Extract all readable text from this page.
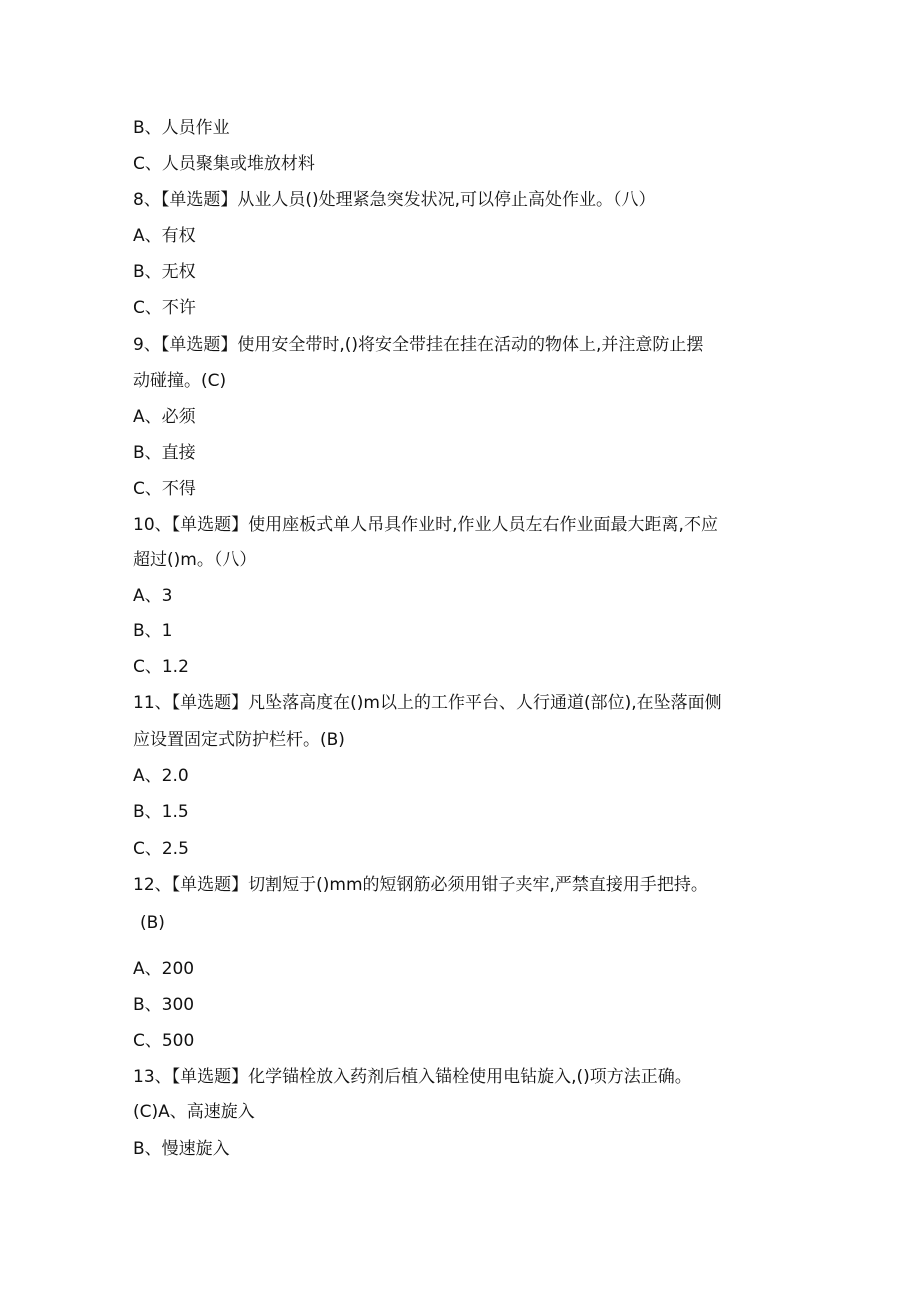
B、人员作业
C、人员聚集或堆放材料
8、【单选题】从业人员()处理紧急突发状况,可以停止高处作业。（八）
A、有权
B、无权
C、不许
9、【单选题】使用安全带时,()将安全带挂在挂在活动的物体上,并注意防止摆
动碰撞。(C)
A、必须
B、直接
C、不得
10、【单选题】使用座板式单人吊具作业时,作业人员左右作业面最大距离,不应
超过()m。（八）
A、3
B、1
C、1.2
11、【单选题】凡坠落高度在()m以上的工作平台、人行通道(部位),在坠落面侧
应设置固定式防护栏杆。(B)
A、2.0
B、1.5
C、2.5
12、【单选题】切割短于()mm的短钢筋必须用钳子夹牢,严禁直接用手把持。
(B)
A、200
B、300
C、500
13、【单选题】化学锚栓放入药剂后植入锚栓使用电钻旋入,()项方法正确。
(C)A、高速旋入
B、慢速旋入
